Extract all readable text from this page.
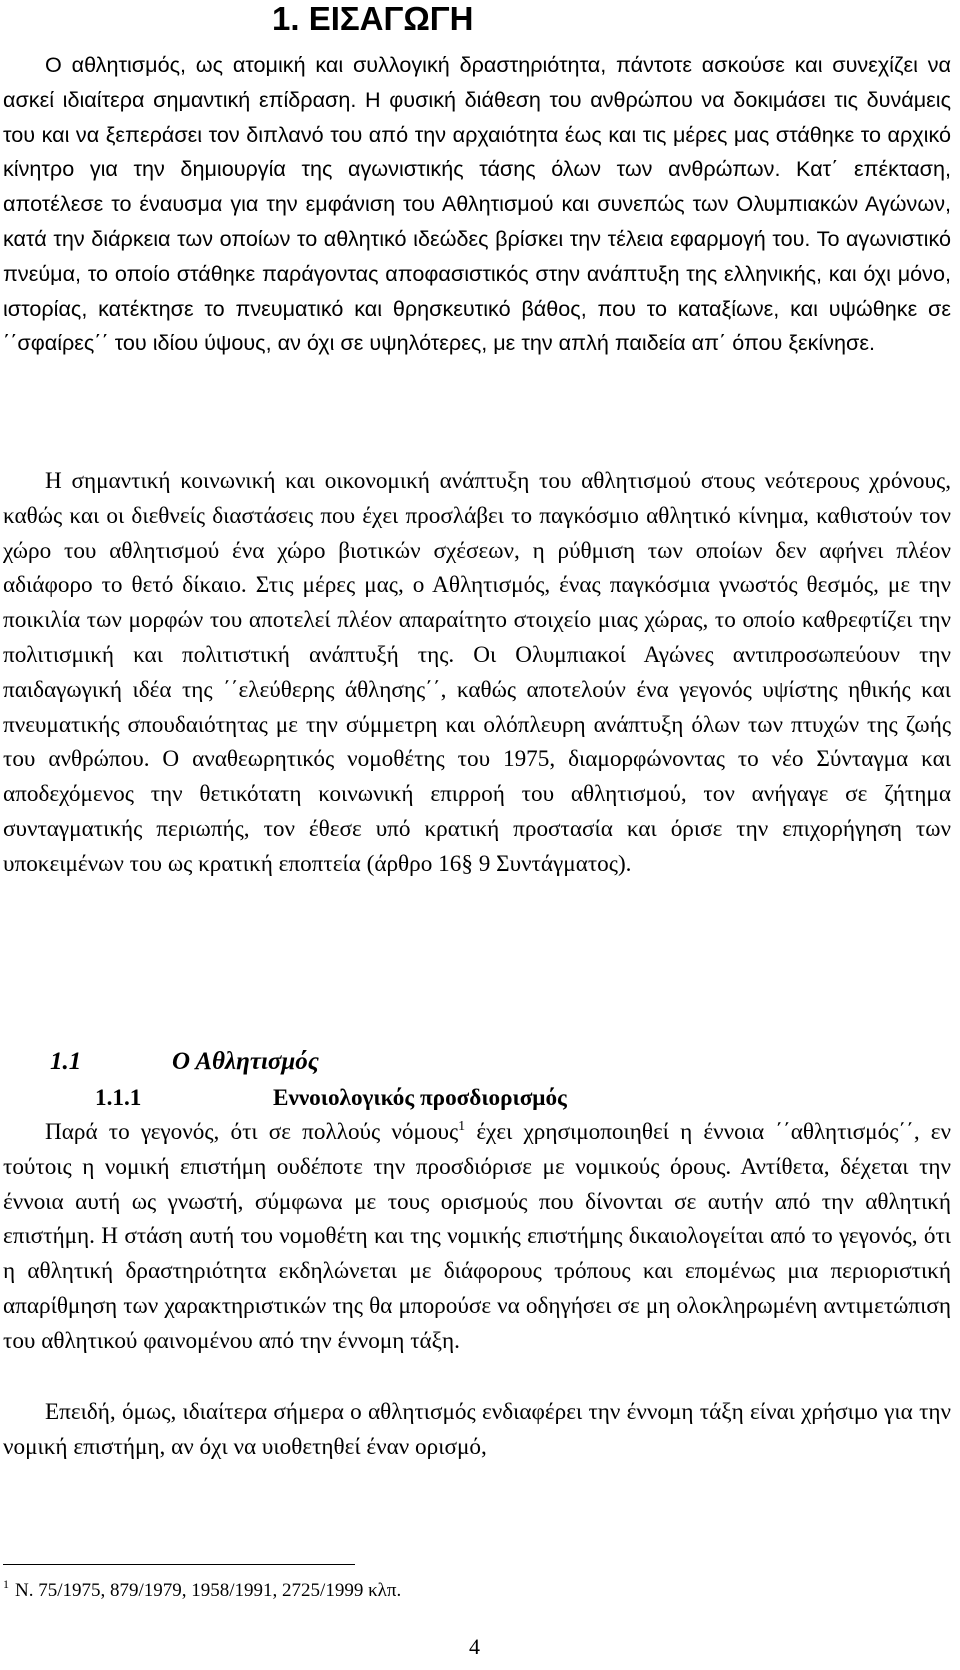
1. ΕΙΣΑΓΩΓΗ

Ο αθλητισμός, ως ατομική και συλλογική δραστηριότητα, πάντοτε ασκούσε και συνεχίζει να ασκεί ιδιαίτερα σημαντική επίδραση. Η φυσική διάθεση του ανθρώπου να δοκιμάσει τις δυνάμεις του και να ξεπεράσει τον διπλανό του από την αρχαιότητα έως και τις μέρες μας στάθηκε το αρχικό κίνητρο για την δημιουργία της αγωνιστικής τάσης όλων των ανθρώπων. Κατ΄ επέκταση, αποτέλεσε το έναυσμα για την εμφάνιση του Αθλητισμού και συνεπώς των Ολυμπιακών Αγώνων, κατά την διάρκεια των οποίων το αθλητικό ιδεώδες βρίσκει την τέλεια εφαρμογή του. Το αγωνιστικό πνεύμα, το οποίο στάθηκε παράγοντας αποφασιστικός στην ανάπτυξη της ελληνικής, και όχι μόνο, ιστορίας, κατέκτησε το πνευματικό και θρησκευτικό βάθος, που το καταξίωνε, και υψώθηκε σε ΄΄σφαίρες΄΄ του ιδίου ύψους, αν όχι σε υψηλότερες, με την απλή παιδεία απ΄ όπου ξεκίνησε.

Η σημαντική κοινωνική και οικονομική ανάπτυξη του αθλητισμού στους νεότερους χρόνους, καθώς και οι διεθνείς διαστάσεις που έχει προσλάβει το παγκόσμιο αθλητικό κίνημα, καθιστούν τον χώρο του αθλητισμού ένα χώρο βιοτικών σχέσεων, η ρύθμιση των οποίων δεν αφήνει πλέον αδιάφορο το θετό δίκαιο. Στις μέρες μας, ο Αθλητισμός, ένας παγκόσμια γνωστός θεσμός, με την ποικιλία των μορφών του αποτελεί πλέον απαραίτητο στοιχείο μιας χώρας, το οποίο καθρεφτίζει την πολιτισμική και πολιτιστική ανάπτυξή της. Οι Ολυμπιακοί Αγώνες αντιπροσωπεύουν την παιδαγωγική ιδέα της ΄΄ελεύθερης άθλησης΄΄, καθώς αποτελούν ένα γεγονός υψίστης ηθικής και πνευματικής σπουδαιότητας με την σύμμετρη και ολόπλευρη ανάπτυξη όλων των πτυχών της ζωής του ανθρώπου. Ο αναθεωρητικός νομοθέτης του 1975, διαμορφώνοντας το νέο Σύνταγμα και αποδεχόμενος την θετικότατη κοινωνική επιρροή του αθλητισμού, τον ανήγαγε σε ζήτημα συνταγματικής περιωπής, τον έθεσε υπό κρατική προστασία και όρισε την επιχορήγηση των υποκειμένων του ως κρατική εποπτεία (άρθρο 16§ 9 Συντάγματος).

1.1	Ο Αθλητισμός
1.1.1	Εννοιολογικός προσδιορισμός

Παρά το γεγονός, ότι σε πολλούς νόμους$^1$ έχει χρησιμοποιηθεί η έννοια ΄΄αθλητισμός΄΄, εν τούτοις η νομική επιστήμη ουδέποτε την προσδιόρισε με νομικούς όρους. Αντίθετα, δέχεται την έννοια αυτή ως γνωστή, σύμφωνα με τους ορισμούς που δίνονται σε αυτήν από την αθλητική επιστήμη. Η στάση αυτή του νομοθέτη και της νομικής επιστήμης δικαιολογείται από το γεγονός, ότι η αθλητική δραστηριότητα εκδηλώνεται με διάφορους τρόπους και επομένως μια περιοριστική απαρίθμηση των χαρακτηριστικών της θα μπορούσε να οδηγήσει σε μη ολοκληρωμένη αντιμετώπιση του αθλητικού φαινομένου από την έννομη τάξη.

Επειδή, όμως, ιδιαίτερα σήμερα ο αθλητισμός ενδιαφέρει την έννομη τάξη είναι χρήσιμο για την νομική επιστήμη, αν όχι να υιοθετηθεί έναν ορισμό,

$^1$ Ν. 75/1975, 879/1979, 1958/1991, 2725/1999 κλπ.

4
